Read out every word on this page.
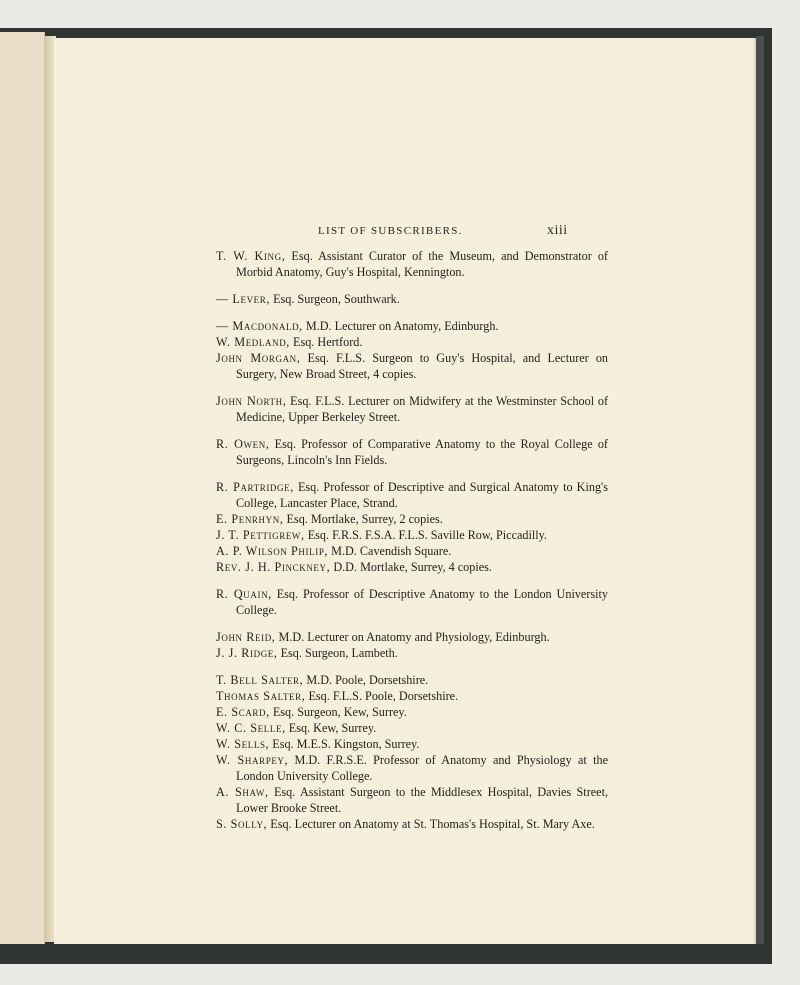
LIST OF SUBSCRIBERS.	xiii

T. W. King, Esq. Assistant Curator of the Museum, and Demonstrator of Morbid Anatomy, Guy's Hospital, Kennington.

— Lever, Esq. Surgeon, Southwark.

— Macdonald, M.D. Lecturer on Anatomy, Edinburgh.

W. Medland, Esq. Hertford.

John Morgan, Esq. F.L.S. Surgeon to Guy's Hospital, and Lecturer on Surgery, New Broad Street, 4 copies.

John North, Esq. F.L.S. Lecturer on Midwifery at the Westminster School of Medicine, Upper Berkeley Street.

R. Owen, Esq. Professor of Comparative Anatomy to the Royal College of Surgeons, Lincoln's Inn Fields.

R. Partridge, Esq. Professor of Descriptive and Surgical Anatomy to King's College, Lancaster Place, Strand.

E. Penrhyn, Esq. Mortlake, Surrey, 2 copies.

J. T. Pettigrew, Esq. F.R.S. F.S.A. F.L.S. Saville Row, Piccadilly.

A. P. Wilson Philip, M.D. Cavendish Square.

Rev. J. H. Pinckney, D.D. Mortlake, Surrey, 4 copies.

R. Quain, Esq. Professor of Descriptive Anatomy to the London University College.

John Reid, M.D. Lecturer on Anatomy and Physiology, Edinburgh.

J. J. Ridge, Esq. Surgeon, Lambeth.

T. Bell Salter, M.D. Poole, Dorsetshire.

Thomas Salter, Esq. F.L.S. Poole, Dorsetshire.

E. Scard, Esq. Surgeon, Kew, Surrey.

W. C. Selle, Esq. Kew, Surrey.

W. Sells, Esq. M.E.S. Kingston, Surrey.

W. Sharpey, M.D. F.R.S.E. Professor of Anatomy and Physiology at the London University College.

A. Shaw, Esq. Assistant Surgeon to the Middlesex Hospital, Davies Street, Lower Brooke Street.

S. Solly, Esq. Lecturer on Anatomy at St. Thomas's Hospital, St. Mary Axe.
